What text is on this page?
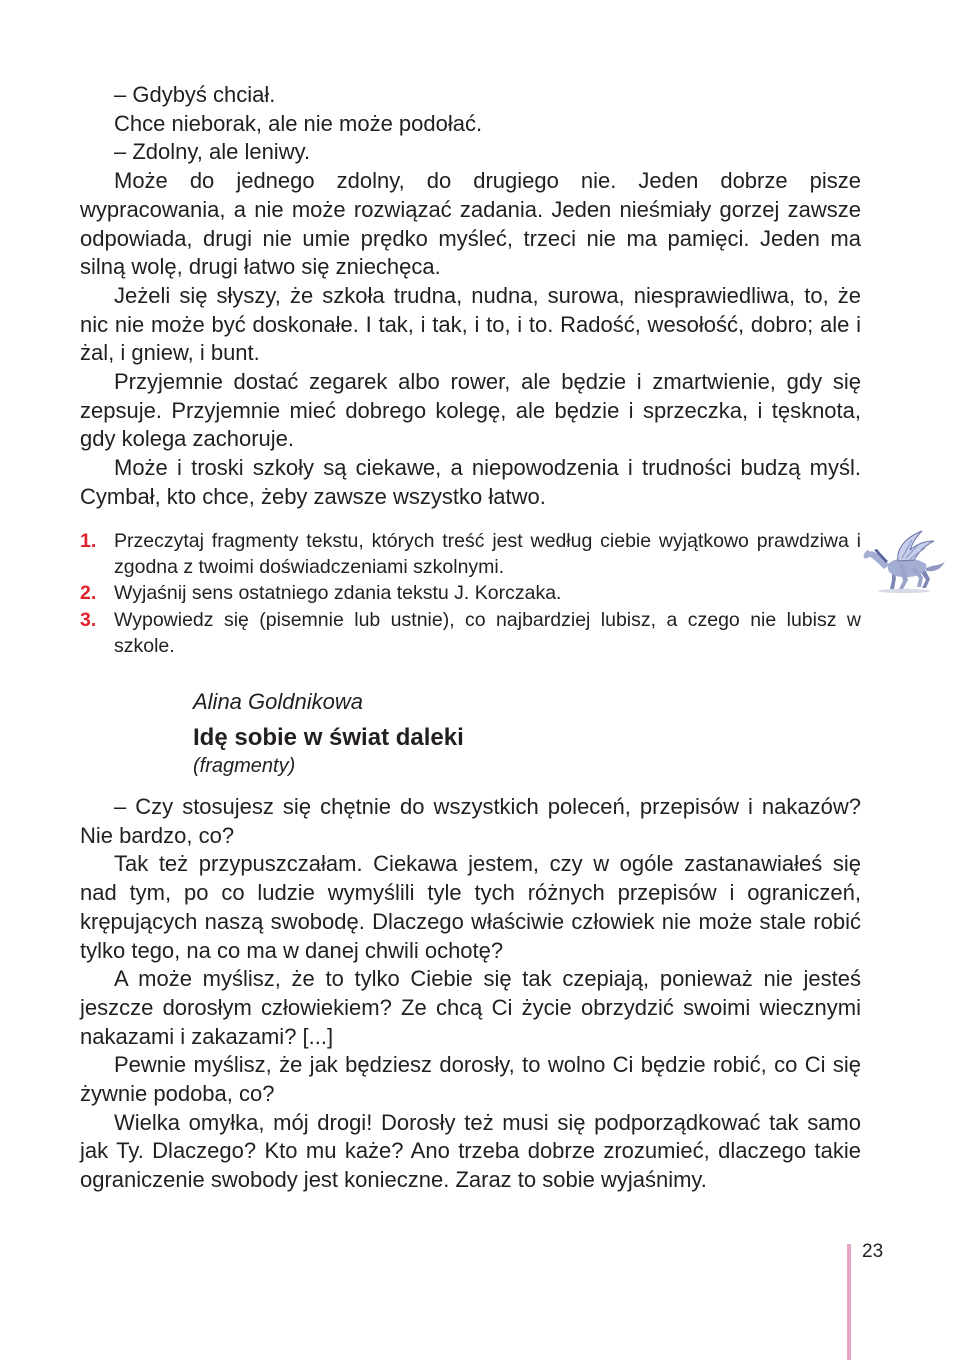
– Gdybyś chciał.

Chce nieborak, ale nie może podołać.

– Zdolny, ale leniwy.

Może do jednego zdolny, do drugiego nie. Jeden dobrze pisze wypracowania, a nie może rozwiązać zadania. Jeden nieśmiały gorzej zawsze odpowiada, drugi nie umie prędko myśleć, trzeci nie ma pamięci. Jeden ma silną wolę, drugi łatwo się zniechęca.

Jeżeli się słyszy, że szkoła trudna, nudna, surowa, niesprawiedliwa, to, że nic nie może być doskonałe. I tak, i tak, i to, i to. Radość, wesołość, dobro; ale i żal, i gniew, i bunt.

Przyjemnie dostać zegarek albo rower, ale będzie i zmartwienie, gdy się zepsuje. Przyjemnie mieć dobrego kolegę, ale będzie i sprzeczka, i tęsknota, gdy kolega zachoruje.

Może i troski szkoły są ciekawe, a niepowodzenia i trudności budzą myśl. Cymbał, kto chce, żeby zawsze wszystko łatwo.

1. Przeczytaj fragmenty tekstu, których treść jest według ciebie wyjątkowo prawdziwa i zgodna z twoimi doświadczeniami szkolnymi.
2. Wyjaśnij sens ostatniego zdania tekstu J. Korczaka.
3. Wypowiedz się (pisemnie lub ustnie), co najbardziej lubisz, a czego nie lubisz w szkole.
Alina Goldnikowa
Idę sobie w świat daleki
(fragmenty)

– Czy stosujesz się chętnie do wszystkich poleceń, przepisów i nakazów? Nie bardzo, co?

Tak też przypuszczałam. Ciekawa jestem, czy w ogóle zastanawiałeś się nad tym, po co ludzie wymyślili tyle tych różnych przepisów i ograniczeń, krępujących naszą swobodę. Dlaczego właściwie człowiek nie może stale robić tylko tego, na co ma w danej chwili ochotę?

A może myślisz, że to tylko Ciebie się tak czepiają, ponieważ nie jesteś jeszcze dorosłym człowiekiem? Ze chcą Ci życie obrzydzić swoimi wiecznymi nakazami i zakazami? [...]

Pewnie myślisz, że jak będziesz dorosły, to wolno Ci będzie robić, co Ci się żywnie podoba, co?

Wielka omyłka, mój drogi! Dorosły też musi się podporządkować tak samo jak Ty. Dlaczego? Kto mu każe? Ano trzeba dobrze zrozumieć, dlaczego takie ograniczenie swobody jest konieczne. Zaraz to sobie wyjaśnimy.

23
